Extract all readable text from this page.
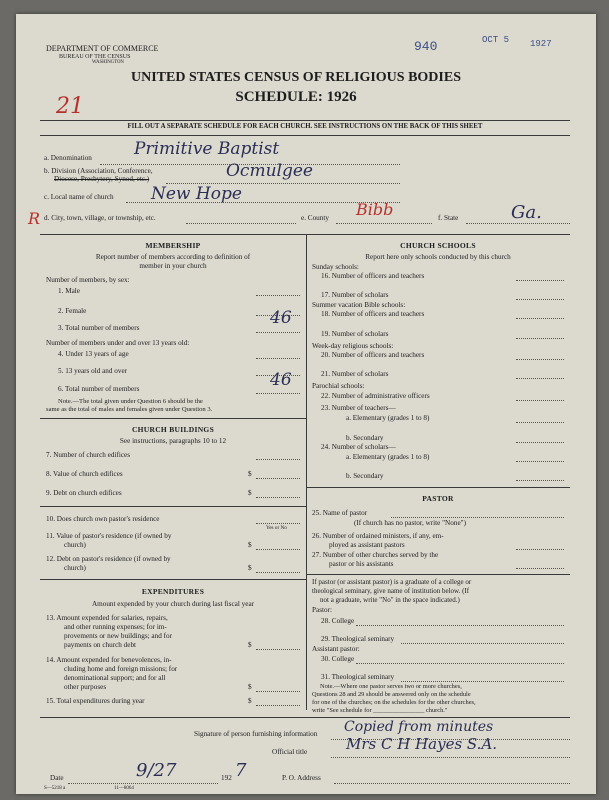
DEPARTMENT OF COMMERCE
BUREAU OF THE CENSUS
WASHINGTON
940	OCT 5 1927
UNITED STATES CENSUS OF RELIGIOUS BODIES
SCHEDULE: 1926
21
FILL OUT A SEPARATE SCHEDULE FOR EACH CHURCH. SEE INSTRUCTIONS ON THE BACK OF THIS SHEET
a. Denomination Primitive Baptist
b. Division (Association, Conference,
Diocese, Presbytery, Synod, etc.)	Ocmulgee
c. Local name of church New Hope
d. City, town, village, or township, etc.
R	e. County Bibb	f. State	Ga.
MEMBERSHIP
Report number of members according to definition of
member in your church
Number of members, by sex:
1. Male
2. Female
3. Total number of members	46
Number of members under and over 13 years old:
4. Under 13 years of age
5. 13 years old and over
6. Total number of members	46
Note.—The total given under Question 6 should be the
same as the total of males and females given under Question 3.
CHURCH BUILDINGS
See instructions, paragraphs 10 to 12
7. Number of church edifices
8. Value of church edifices	$
9. Debt on church edifices	$
10. Does church own pastor's residence
Yes or No
11. Value of pastor's residence (if owned by
church)	$
12. Debt on pastor's residence (if owned by
church)	$
EXPENDITURES
Amount expended by your church during last fiscal year
13. Amount expended for salaries, repairs,
and other running expenses; for im-
provements or new buildings; and for
payments on church debt	$
14. Amount expended for benevolences, in-
cluding home and foreign missions; for
denominational support; and for all
other purposes	$
15. Total expenditures during year	$
CHURCH SCHOOLS
Report here only schools conducted by this church
Sunday schools:
16. Number of officers and teachers
17. Number of scholars
Summer vacation Bible schools:
18. Number of officers and teachers
19. Number of scholars
Week-day religious schools:
20. Number of officers and teachers
21. Number of scholars
Parochial schools:
22. Number of administrative officers
23. Number of teachers—
a. Elementary (grades 1 to 8)
b. Secondary
24. Number of scholars—
a. Elementary (grades 1 to 8)
b. Secondary
PASTOR
25. Name of pastor
(If church has no pastor, write "None")
26. Number of ordained ministers, if any, em-
ployed as assistant pastors
27. Number of other churches served by the
pastor or his assistants
If pastor (or assistant pastor) is a graduate of a college or
theological seminary, give name of institution below. (If
not a graduate, write "No" in the space indicated.)
Pastor:
28. College
29. Theological seminary
Assistant pastor:
30. College
31. Theological seminary
Note.—Where one pastor serves two or more churches,
Questions 28 and 29 should be answered only on the schedule
for one of the churches; on the schedules for the other churches,
write "See schedule for ________________ church."
Signature of person furnishing information Copied from minutes
Official title	Mrs C H Hayes S.A.
Date	9/27	192 7	P. O. Address
S—5218 a	11—8064
